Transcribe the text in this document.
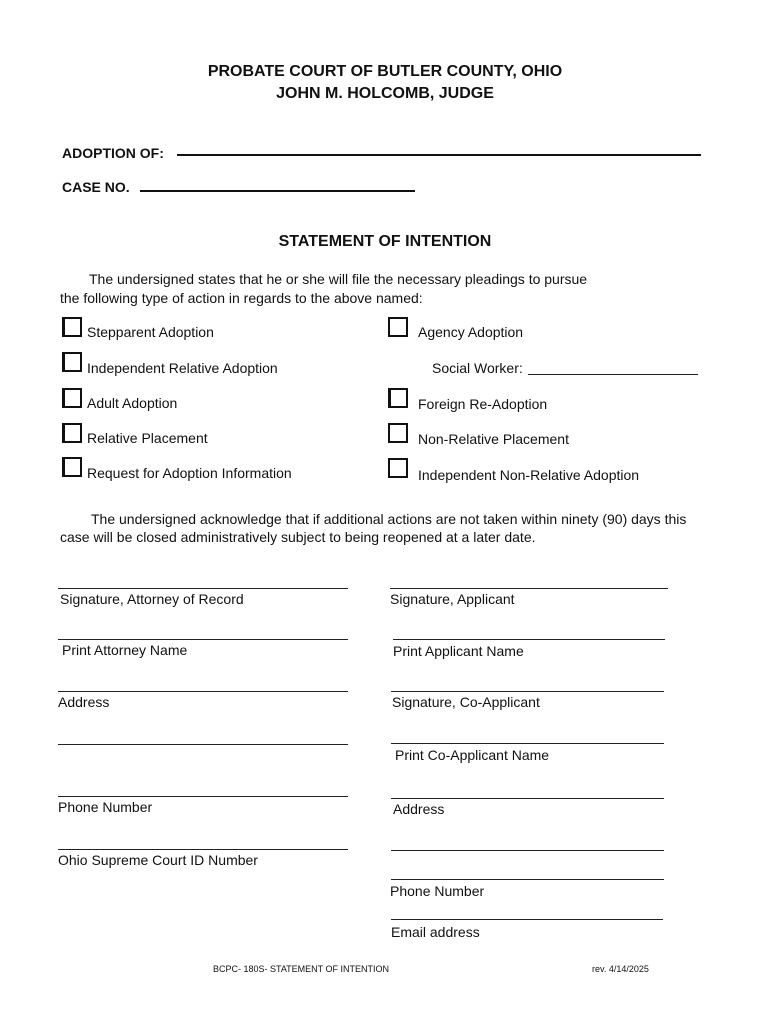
PROBATE COURT OF BUTLER COUNTY, OHIO
JOHN M. HOLCOMB, JUDGE
ADOPTION OF:
CASE NO.
STATEMENT OF INTENTION
The undersigned states that he or she will file the necessary pleadings to pursue
the following type of action in regards to the above named:
Stepparent Adoption
Independent Relative Adoption
Adult Adoption
Relative Placement
Request for Adoption Information
Agency Adoption
Social Worker:
Foreign Re-Adoption
Non-Relative Placement
Independent Non-Relative Adoption
The undersigned acknowledge that if additional actions are not taken within ninety (90) days this
case will be closed administratively subject to being reopened at a later date.
Signature, Attorney of Record
Print Attorney Name
Address
Phone Number
Ohio Supreme Court ID Number
Signature, Applicant
Print Applicant Name
Signature, Co-Applicant
Print Co-Applicant Name
Address
Phone Number
Email address
BCPC- 180S- STATEMENT OF INTENTION	rev. 4/14/2025
